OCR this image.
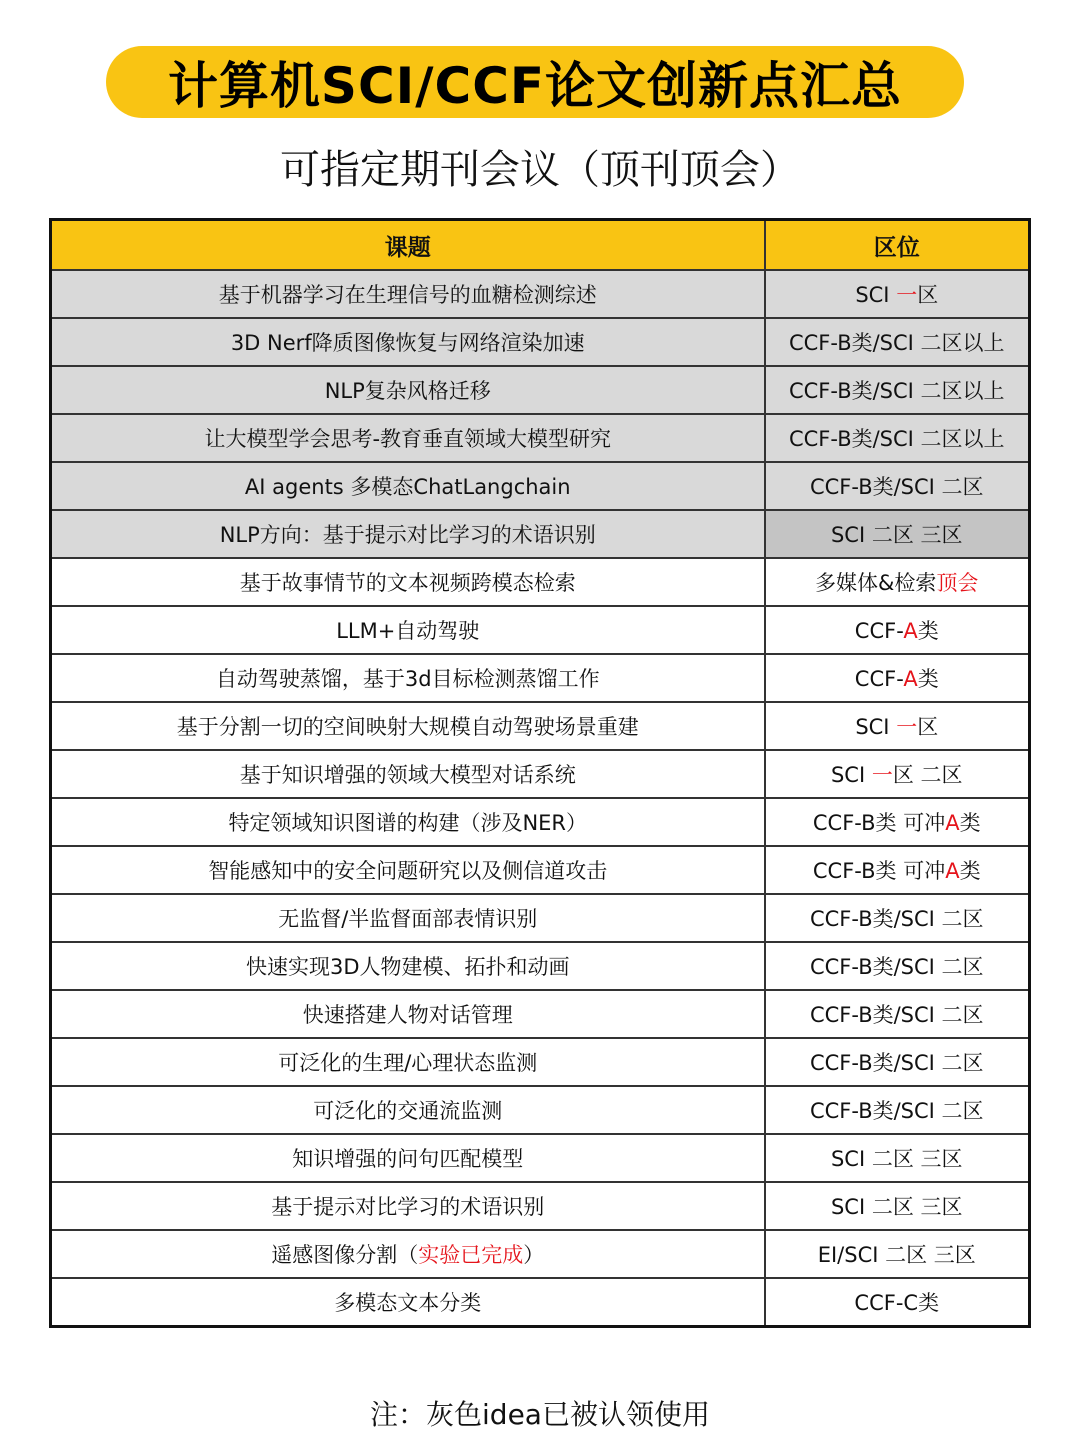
计算机SCI/CCF论文创新点汇总
可指定期刊会议（顶刊顶会）
课题	区位
基于机器学习在生理信号的血糖检测综述	SCI 一区
3D Nerf降质图像恢复与网络渲染加速	CCF-B类/SCI 二区以上
NLP复杂风格迁移	CCF-B类/SCI 二区以上
让大模型学会思考-教育垂直领域大模型研究	CCF-B类/SCI 二区以上
AI agents 多模态ChatLangchain	CCF-B类/SCI 二区
NLP方向：基于提示对比学习的术语识别	SCI 二区 三区
基于故事情节的文本视频跨模态检索	多媒体&检索顶会
LLM+自动驾驶	CCF-A类
自动驾驶蒸馏，基于3d目标检测蒸馏工作	CCF-A类
基于分割一切的空间映射大规模自动驾驶场景重建	SCI 一区
基于知识增强的领域大模型对话系统	SCI 一区 二区
特定领域知识图谱的构建（涉及NER）	CCF-B类 可冲A类
智能感知中的安全问题研究以及侧信道攻击	CCF-B类 可冲A类
无监督/半监督面部表情识别	CCF-B类/SCI 二区
快速实现3D人物建模、拓扑和动画	CCF-B类/SCI 二区
快速搭建人物对话管理	CCF-B类/SCI 二区
可泛化的生理/心理状态监测	CCF-B类/SCI 二区
可泛化的交通流监测	CCF-B类/SCI 二区
知识增强的问句匹配模型	SCI 二区 三区
基于提示对比学习的术语识别	SCI 二区 三区
遥感图像分割（实验已完成）	EI/SCI 二区 三区
多模态文本分类	CCF-C类
注：灰色idea已被认领使用
